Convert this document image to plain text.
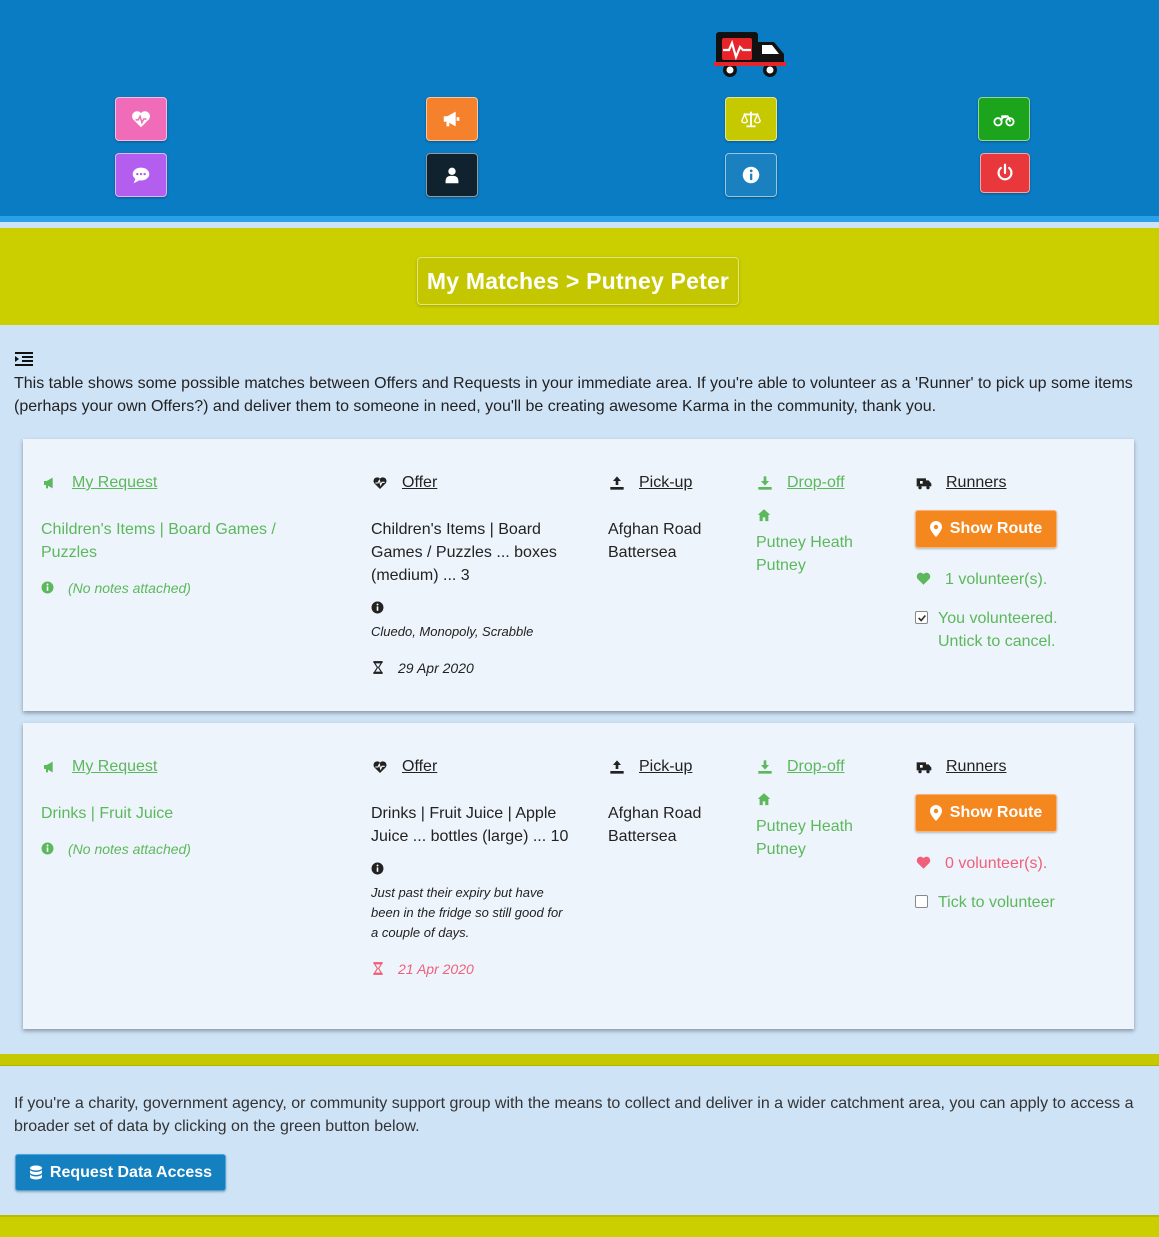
My Matches > Putney Peter
This table shows some possible matches between Offers and Requests in your immediate area. If you're able to volunteer as a 'Runner' to pick up some items (perhaps your own Offers?) and deliver them to someone in need, you'll be creating awesome Karma in the community, thank you.
My Request
Children's Items | Board Games / Puzzles
(No notes attached)
Offer
Children's Items | Board Games / Puzzles ... boxes (medium) ... 3
Cluedo, Monopoly, Scrabble
29 Apr 2020
Pick-up
Afghan Road
Battersea
Drop-off
Putney Heath
Putney
Runners
Show Route
1 volunteer(s).
You volunteered.
Untick to cancel.
My Request
Drinks | Fruit Juice
(No notes attached)
Offer
Drinks | Fruit Juice | Apple Juice ... bottles (large) ... 10
Just past their expiry but have been in the fridge so still good for a couple of days.
21 Apr 2020
Pick-up
Afghan Road
Battersea
Drop-off
Putney Heath
Putney
Runners
Show Route
0 volunteer(s).
Tick to volunteer
If you're a charity, government agency, or community support group with the means to collect and deliver in a wider catchment area, you can apply to access a broader set of data by clicking on the green button below.
Request Data Access
